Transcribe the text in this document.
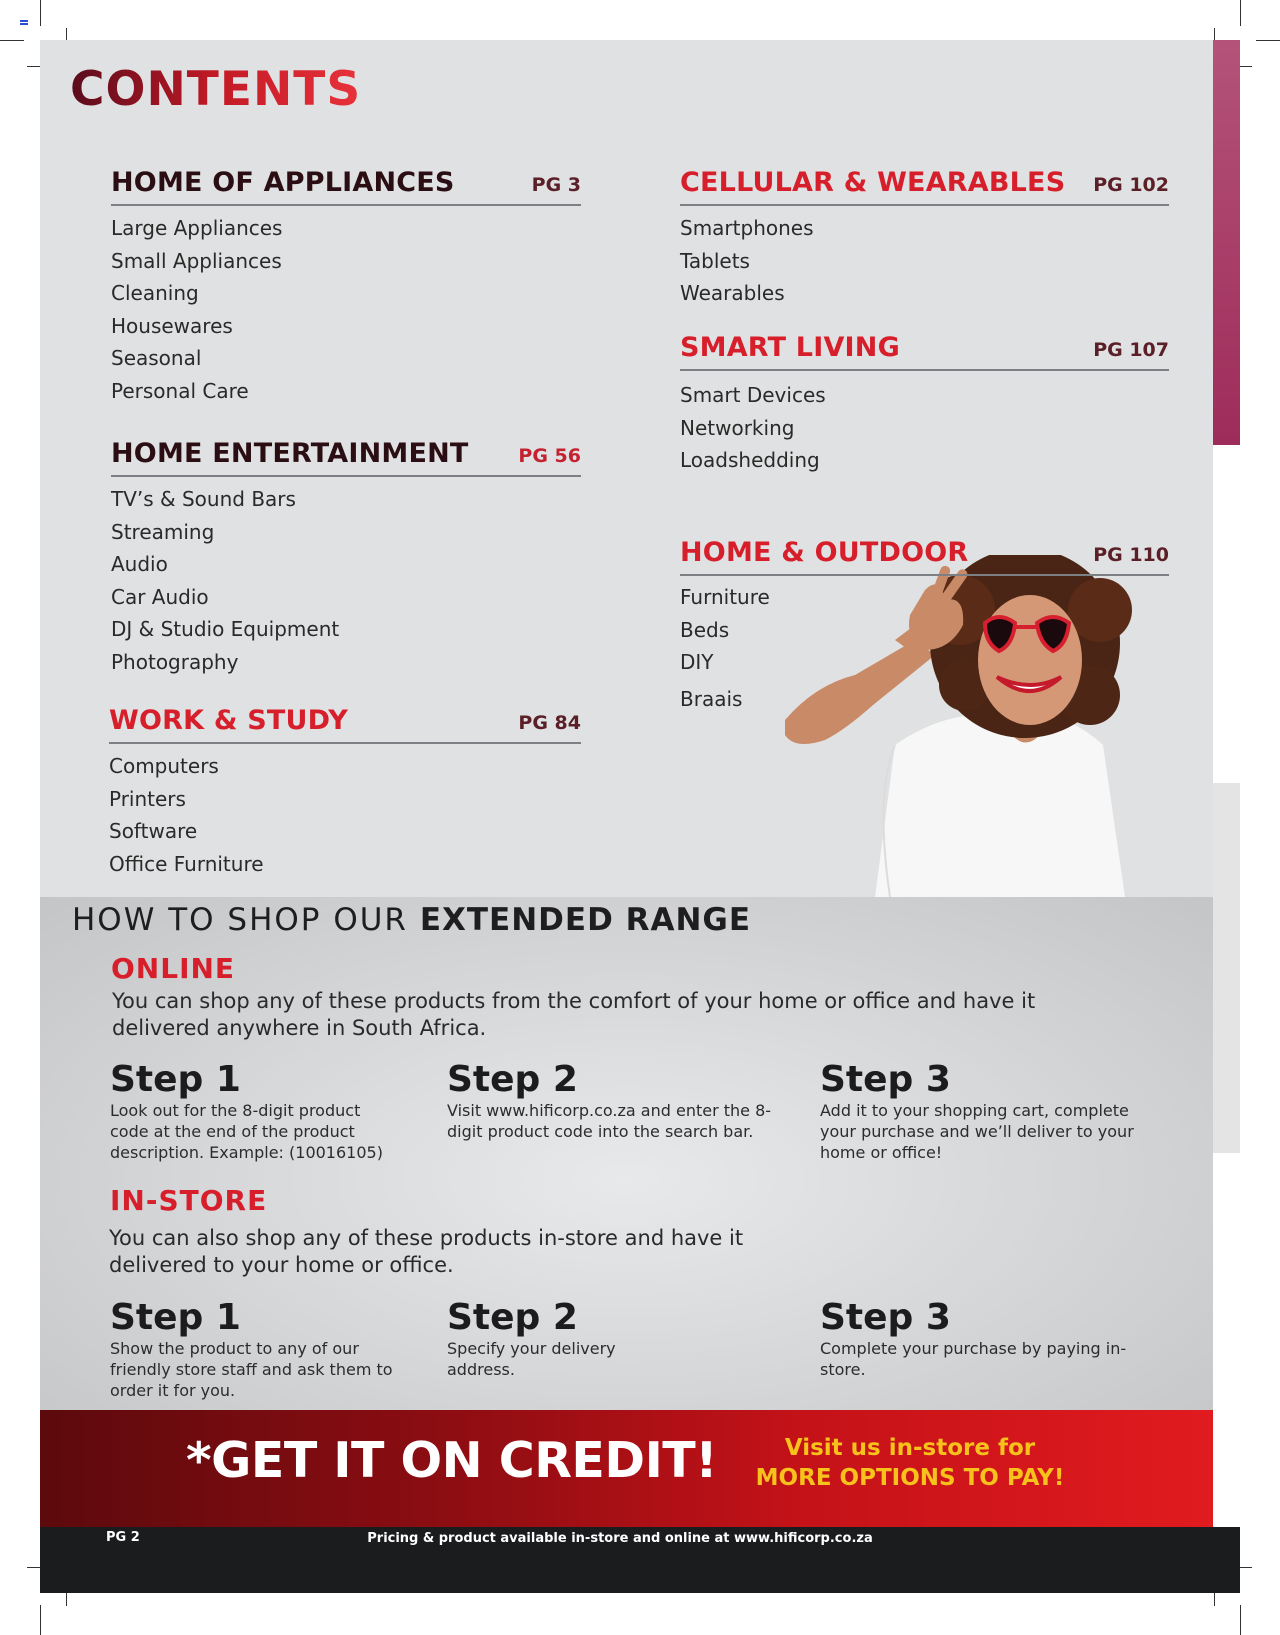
CONTENTS
HOME OF APPLIANCES	PG 3
Large Appliances
Small Appliances
Cleaning
Housewares
Seasonal
Personal Care
HOME ENTERTAINMENT	PG 56
TV’s & Sound Bars
Streaming
Audio
Car Audio
DJ & Studio Equipment
Photography
WORK & STUDY	PG 84
Computers
Printers
Software
Office Furniture
CELLULAR & WEARABLES PG 102
Smartphones
Tablets
Wearables
SMART LIVING	PG 107
Smart Devices
Networking
Loadshedding
HOME & OUTDOOR	PG 110
Furniture
Beds
DIY
Braais
HOW TO SHOP OUR EXTENDED RANGE
ONLINE

You can shop any of these products from the comfort of your home or office and have it delivered anywhere in South Africa.

Step 1
Look out for the 8-digit product code at the end of the product description. Example: (10016105)
Step 2
Visit www.hificorp.co.za and enter the 8-digit product code into the search bar.
Step 3
Add it to your shopping cart, complete your purchase and we’ll deliver to your home or office!
IN-STORE

You can also shop any of these products in-store and have it delivered to your home or office.

Step 1
Show the product to any of our friendly store staff and ask them to order it for you.
Step 2
Specify your delivery address.
Step 3
Complete your purchase by paying in-store.
*GET IT ON CREDIT!	Visit us in-store for
MORE OPTIONS TO PAY!
PG 2	Pricing & product available in-store and online at www.hificorp.co.za
